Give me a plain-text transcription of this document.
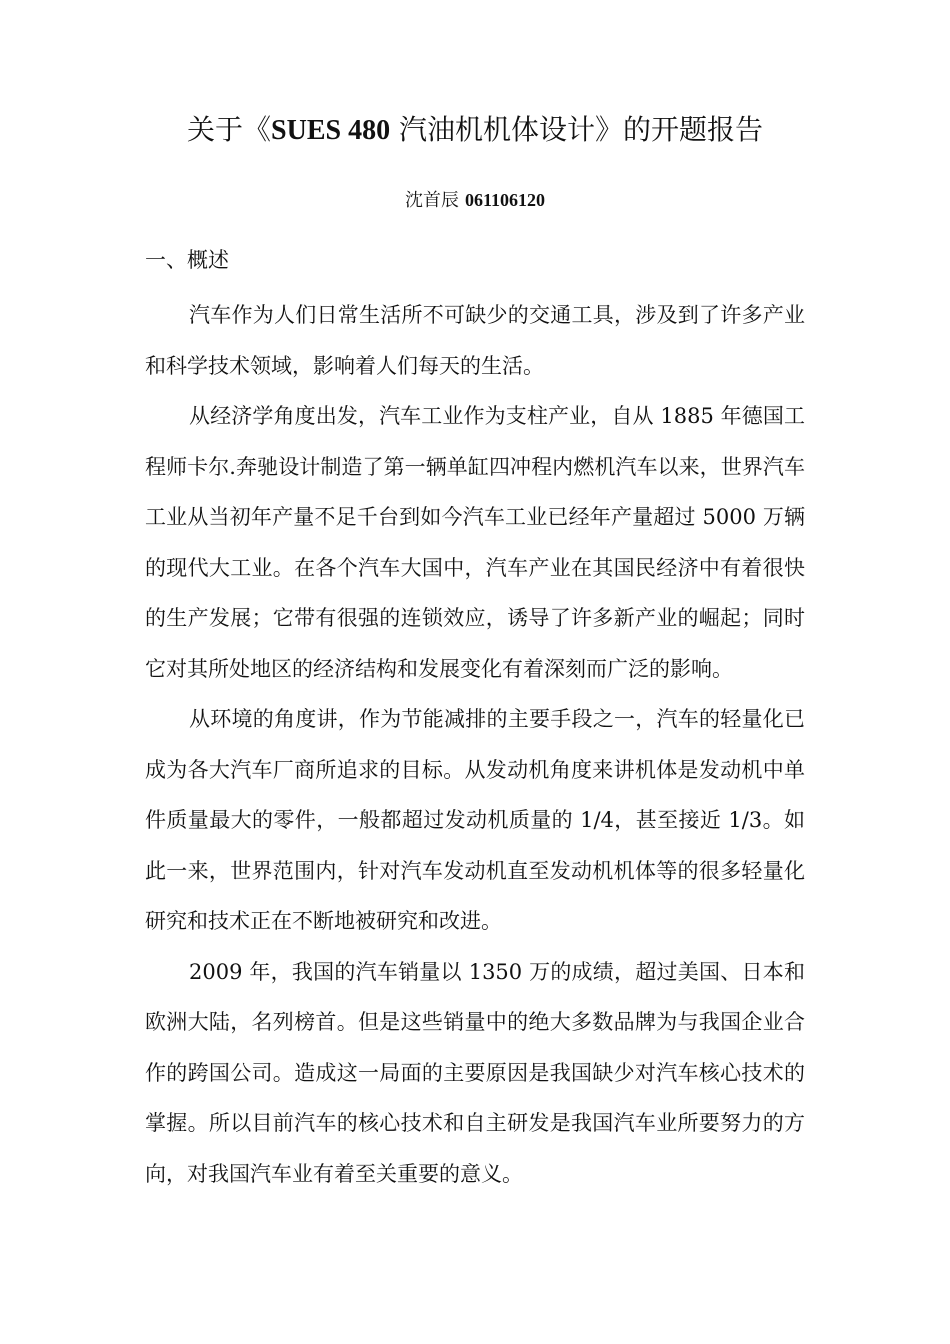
关于《SUES 480 汽油机机体设计》的开题报告
沈首辰 061106120
一、概述

汽车作为人们日常生活所不可缺少的交通工具，涉及到了许多产业和科学技术领域，影响着人们每天的生活。

从经济学角度出发，汽车工业作为支柱产业，自从 1885 年德国工程师卡尔.奔驰设计制造了第一辆单缸四冲程内燃机汽车以来，世界汽车工业从当初年产量不足千台到如今汽车工业已经年产量超过 5000 万辆的现代大工业。在各个汽车大国中，汽车产业在其国民经济中有着很快的生产发展；它带有很强的连锁效应，诱导了许多新产业的崛起；同时它对其所处地区的经济结构和发展变化有着深刻而广泛的影响。

从环境的角度讲，作为节能减排的主要手段之一，汽车的轻量化已成为各大汽车厂商所追求的目标。从发动机角度来讲机体是发动机中单件质量最大的零件，一般都超过发动机质量的 1/4，甚至接近 1/3。如此一来，世界范围内，针对汽车发动机直至发动机机体等的很多轻量化研究和技术正在不断地被研究和改进。

2009 年，我国的汽车销量以 1350 万的成绩，超过美国、日本和欧洲大陆，名列榜首。但是这些销量中的绝大多数品牌为与我国企业合作的跨国公司。造成这一局面的主要原因是我国缺少对汽车核心技术的掌握。所以目前汽车的核心技术和自主研发是我国汽车业所要努力的方向，对我国汽车业有着至关重要的意义。
